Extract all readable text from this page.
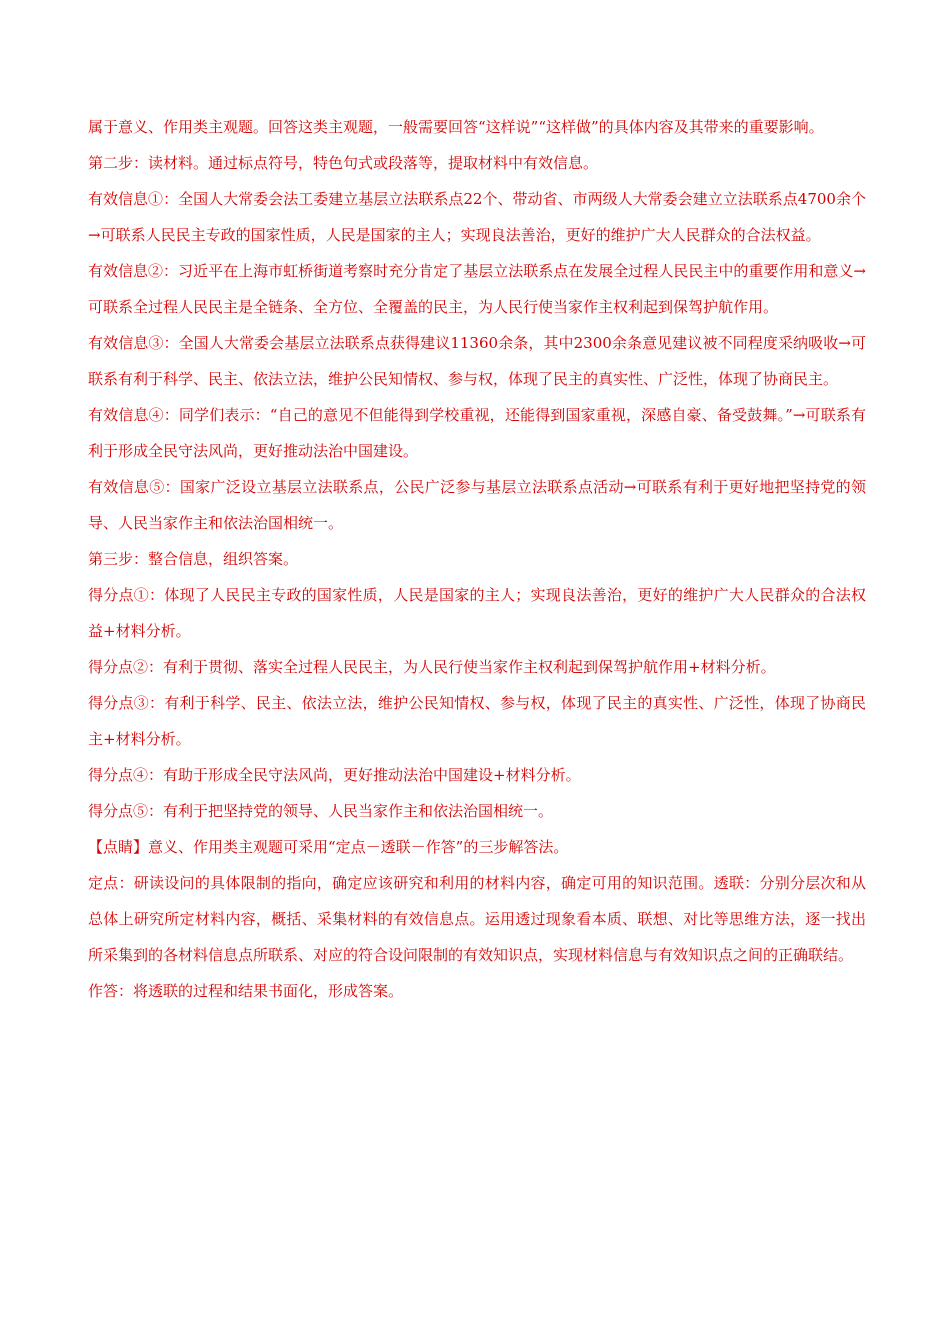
属于意义、作用类主观题。回答这类主观题，一般需要回答“这样说”“这样做”的具体内容及其带来的重要影响。

第二步：读材料。通过标点符号，特色句式或段落等，提取材料中有效信息。

有效信息①：全国人大常委会法工委建立基层立法联系点22个、带动省、市两级人大常委会建立立法联系点4700余个→可联系人民民主专政的国家性质，人民是国家的主人；实现良法善治，更好的维护广大人民群众的合法权益。

有效信息②：习近平在上海市虹桥街道考察时充分肯定了基层立法联系点在发展全过程人民民主中的重要作用和意义→可联系全过程人民民主是全链条、全方位、全覆盖的民主，为人民行使当家作主权利起到保驾护航作用。

有效信息③：全国人大常委会基层立法联系点获得建议11360余条，其中2300余条意见建议被不同程度采纳吸收→可联系有利于科学、民主、依法立法，维护公民知情权、参与权，体现了民主的真实性、广泛性，体现了协商民主。

有效信息④：同学们表示：“自己的意见不但能得到学校重视，还能得到国家重视，深感自豪、备受鼓舞。”→可联系有利于形成全民守法风尚，更好推动法治中国建设。

有效信息⑤：国家广泛设立基层立法联系点，公民广泛参与基层立法联系点活动→可联系有利于更好地把坚持党的领导、人民当家作主和依法治国相统一。

第三步：整合信息，组织答案。

得分点①：体现了人民民主专政的国家性质，人民是国家的主人；实现良法善治，更好的维护广大人民群众的合法权益+材料分析。

得分点②：有利于贯彻、落实全过程人民民主，为人民行使当家作主权利起到保驾护航作用+材料分析。

得分点③：有利于科学、民主、依法立法，维护公民知情权、参与权，体现了民主的真实性、广泛性，体现了协商民主+材料分析。

得分点④：有助于形成全民守法风尚，更好推动法治中国建设+材料分析。

得分点⑤：有利于把坚持党的领导、人民当家作主和依法治国相统一。

【点睛】意义、作用类主观题可采用“定点－透联－作答”的三步解答法。

定点：研读设问的具体限制的指向，确定应该研究和利用的材料内容，确定可用的知识范围。透联：分别分层次和从总体上研究所定材料内容，概括、采集材料的有效信息点。运用透过现象看本质、联想、对比等思维方法，逐一找出所采集到的各材料信息点所联系、对应的符合设问限制的有效知识点，实现材料信息与有效知识点之间的正确联结。

作答：将透联的过程和结果书面化，形成答案。
